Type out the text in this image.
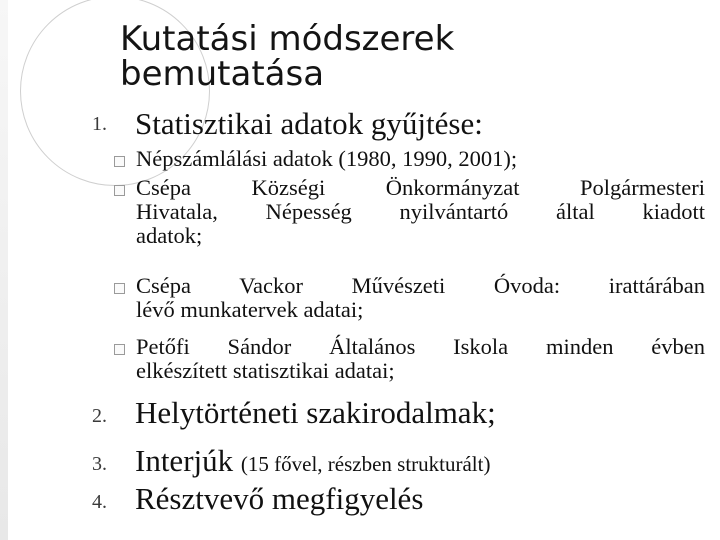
Kutatási módszerek bemutatása
1. Statisztikai adatok gyűjtése:
Népszámlálási adatok (1980, 1990, 2001);
Csépa Községi Önkormányzat Polgármesteri
Hivatala, Népesség nyilvántartó által kiadott
adatok;
Csépa Vackor Művészeti Óvoda: irattárában
lévő munkatervek adatai;
Petőfi Sándor Általános Iskola minden évben
elkészített statisztikai adatai;
2. Helytörténeti szakirodalmak;
3. Interjúk (15 fővel, részben strukturált)
4. Résztvevő megfigyelés
